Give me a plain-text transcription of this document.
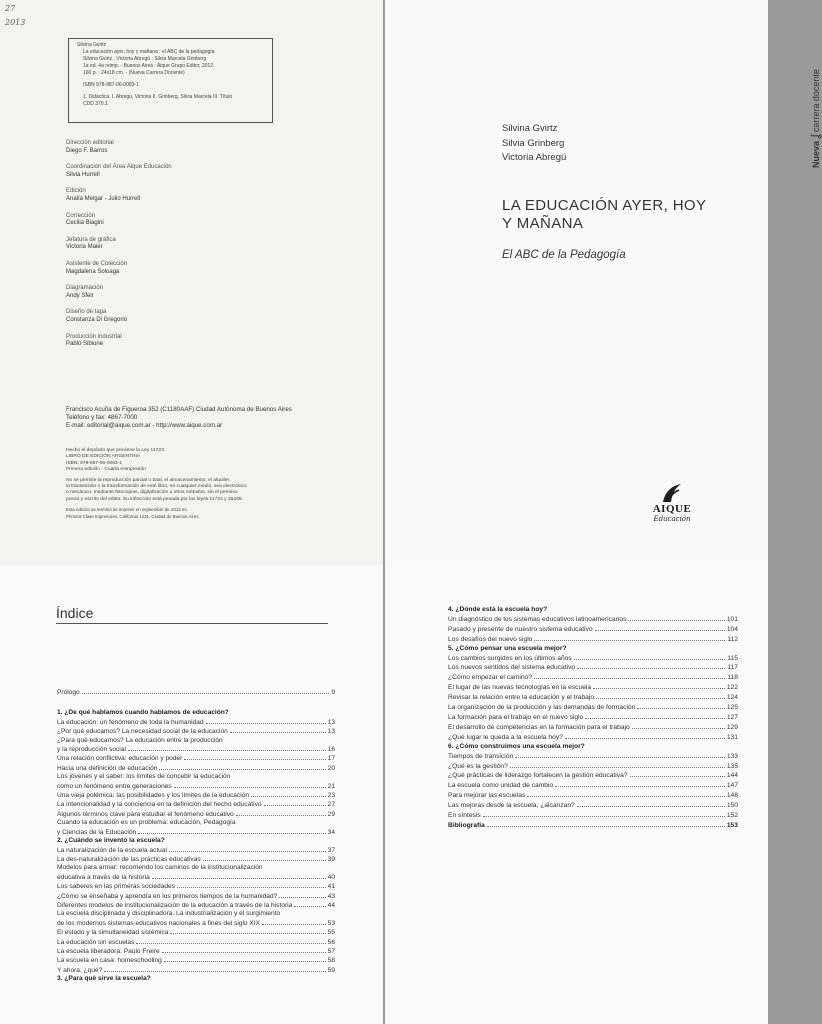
27
2013
Silvina Gvirtz
La educación ayer, hoy y mañana : el ABC de la pedagogía
Silvina Gvirtz ; Victoria Abregú ; Silvia Marcela Grinberg
1a ed. 4a reimp. - Buenos Aires : Aique Grupo Editor, 2012.
160 p. ; 24x18 cm. - (Nueva Carrera Docente)
ISBN 978-987-06-0083-1
1. Didáctica. I. Abregú, Victoria II. Grinberg, Silvia Marcela III. Título
CDD 370.1
Dirección editorial
Diego F. Barros
Coordinación del Área Aique Educación
Silvia Hurrell
Edición
Analía Melgar - Julio Hurrell
Corrección
Cecilia Biagini
Jefatura de gráfica
Victoria Maier
Asistente de Colección
Magdalena Soloaga
Diagramación
Andy Sfeir
Diseño de tapa
Constanza Di Gregorio
Producción industrial
Pablo Sibione
Francisco Acuña de Figueroa 352 (C1180AAF) Ciudad Autónoma de Buenos Aires
Teléfono y fax: 4867-7000
E-mail: editorial@aique.com.ar - http://www.aique.com.ar
Hecho el depósito que previene la Ley 11723.
LIBRO DE EDICIÓN ARGENTINA
ISBN: 978-987-06-0083-1
Primera edición - Cuarta reimpresión
No se permite la reproducción parcial o total, el almacenamiento, el alquiler,
la transmisión o la transformación de este libro, en cualquier medio, sea electrónico
o mecánico, mediante fotocopias, digitalización u otros métodos, sin el permiso
previo y escrito del editor. Su infracción está penada por las leyes 11723 y 25446.
Esta edición se terminó de imprimir en septiembre de 2012 en
Primera Clase Impresores, California 1231, Ciudad de Buenos Aires.
Nueva ʆ carrera docente
Silvina Gvirtz
Silvia Grinberg
Victoria Abregú
LA EDUCACIÓN AYER, HOY
Y MAÑANA
El ABC de la Pedagogía
AIQUE
Educación
Índice
Prólogo	9
1. ¿De qué hablamos cuando hablamos de educación?
La educación: un fenómeno de toda la humanidad	13
¿Por qué educamos? La necesidad social de la educación	13
¿Para qué educamos? La educación entre la producción
y la reproducción social	16
Una relación conflictiva: educación y poder	17
Hacia una definición de educación	20
Los jóvenes y el saber: los límites de concebir la educación
como un fenómeno entre generaciones	21
Una vieja polémica: las posibilidades y los límites de la educación	23
La intencionalidad y la conciencia en la definición del hecho educativo	27
Algunos términos clave para estudiar el fenómeno educativo	29
Cuando la educación es un problema: educación, Pedagogía
y Ciencias de la Educación	34
2. ¿Cuándo se inventó la escuela?
La naturalización de la escuela actual	37
La des-naturalización de las prácticas educativas	39
Modelos para armar: recorriendo los caminos de la institucionalización
educativa a través de la historia	40
Los saberes en las primeras sociedades	41
¿Cómo se enseñaba y aprendía en los primeros tiempos de la humanidad?	43
Diferentes modelos de institucionalización de la educación a través de la historia	44
La escuela disciplinada y disciplinadora. La industrialización y el surgimiento
de los modernos sistemas educativos nacionales a fines del siglo XIX	53
El estado y la simultaneidad sistémica	55
La educación sin escuelas	56
La escuela liberadora: Paulo Freire	57
La escuela en casa: homeschooling	58
Y ahora, ¿qué?	59
3. ¿Para qué sirve la escuela?
4. ¿Dónde está la escuela hoy?
Un diagnóstico de los sistemas educativos latinoamericanos	101
Pasado y presente de nuestro sistema educativo	104
Los desafíos del nuevo siglo	112
5. ¿Cómo pensar una escuela mejor?
Los cambios surgidos en los últimos años	115
Los nuevos sentidos del sistema educativo	117
¿Cómo empezar el camino?	118
El lugar de las nuevas tecnologías en la escuela	122
Revisar la relación entre la educación y el trabajo	124
La organización de la producción y las demandas de formación	125
La formación para el trabajo en el nuevo siglo	127
El desarrollo de competencias en la formación para el trabajo	129
¿Qué lugar le queda a la escuela hoy?	131
6. ¿Cómo construimos una escuela mejor?
Tiempos de transición	133
¿Qué es la gestión?	135
¿Qué prácticas de liderazgo fortalecen la gestión educativa?	144
La escuela como unidad de cambio	147
Para mejorar las escuelas	148
Las mejoras desde la escuela, ¿alcanzan?	150
En síntesis	152
Bibliografía	153
